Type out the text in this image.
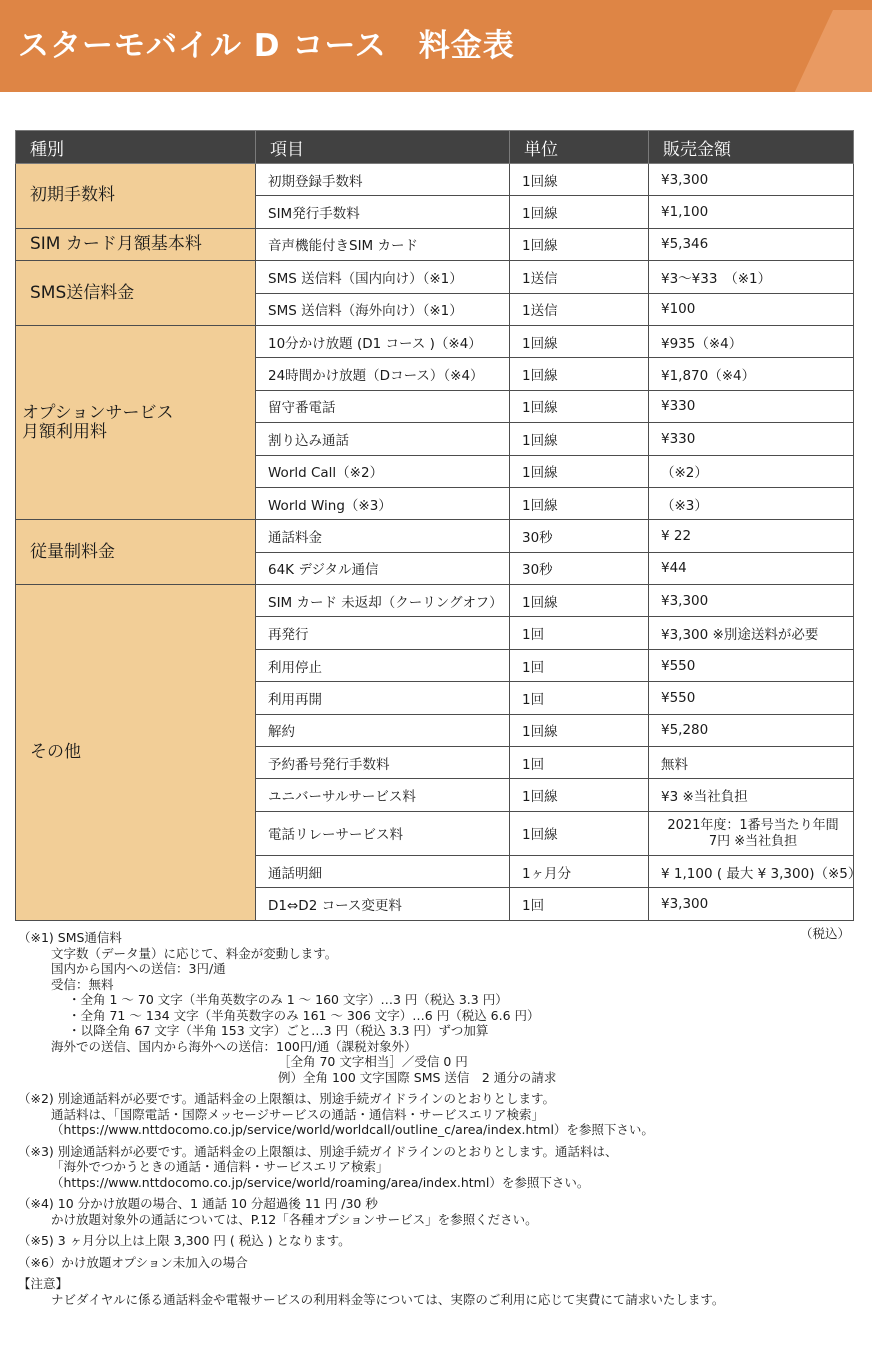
スターモバイル D コース　料金表
種別	項目	単位	販売金額
初期手数料	初期登録手数料	1回線	¥3,300
	SIM発行手数料	1回線	¥1,100
SIM カード月額基本料	音声機能付きSIM カード	1回線	¥5,346
SMS送信料金	SMS 送信料（国内向け）（※1）	1送信	¥3～¥33　（※1）
	SMS 送信料（海外向け）（※1）	1送信	¥100
オプションサービス
月額利用料	10分かけ放題 (D1 コース )（※4）	1回線	¥935（※4）
	24時間かけ放題（Dコース）（※4）	1回線	¥1,870（※4）
	留守番電話	1回線	¥330
	割り込み通話	1回線	¥330
	World Call（※2）	1回線	（※2）
	World Wing（※3）	1回線	（※3）
従量制料金	通話料金	30秒	¥ 22
	64K デジタル通信	30秒	¥44
その他	SIM カード 未返却（クーリングオフ）	1回線	¥3,300
	再発行	1回	¥3,300 ※別途送料が必要
	利用停止	1回	¥550
	利用再開	1回	¥550
	解約	1回線	¥5,280
	予約番号発行手数料	1回	無料
	ユニバーサルサービス料	1回線	¥3 ※当社負担
	電話リレーサービス料	1回線	2021年度：1番号当たり年間
7円 ※当社負担
	通話明細	1ヶ月分	¥ 1,100 ( 最大 ¥ 3,300)（※5）
	D1⇔D2 コース変更料	1回	¥3,300
（税込）
（※1) SMS通信料
文字数（データ量）に応じて、料金が変動します。
国内から国内への送信：3円/通
受信：無料
・全角 1 ～ 70 文字（半角英数字のみ 1 ～ 160 文字）…3 円（税込 3.3 円）
・全角 71 ～ 134 文字（半角英数字のみ 161 ～ 306 文字）…6 円（税込 6.6 円）
・以降全角 67 文字（半角 153 文字）ごと…3 円（税込 3.3 円）ずつ加算
海外での送信、国内から海外への送信：100円/通（課税対象外）
［全角 70 文字相当］／受信 0 円
例）全角 100 文字国際 SMS 送信　2 通分の請求
（※2) 別途通話料が必要です。通話料金の上限額は、別途手続ガイドラインのとおりとします。
通話料は、「国際電話・国際メッセージサービスの通話・通信料・サービスエリア検索」
（https://www.nttdocomo.co.jp/service/world/worldcall/outline_c/area/index.html）を参照下さい。
（※3) 別途通話料が必要です。通話料金の上限額は、別途手続ガイドラインのとおりとします。通話料は、
「海外でつかうときの通話・通信料・サービスエリア検索」
（https://www.nttdocomo.co.jp/service/world/roaming/area/index.html）を参照下さい。
（※4) 10 分かけ放題の場合、1 通話 10 分超過後 11 円 /30 秒
かけ放題対象外の通話については、P.12「各種オプションサービス」を参照ください。
（※5) 3 ヶ月分以上は上限 3,300 円 ( 税込 ) となります。
（※6）かけ放題オプション未加入の場合
【注意】
ナビダイヤルに係る通話料金や電報サービスの利用料金等については、実際のご利用に応じて実費にて請求いたします。
